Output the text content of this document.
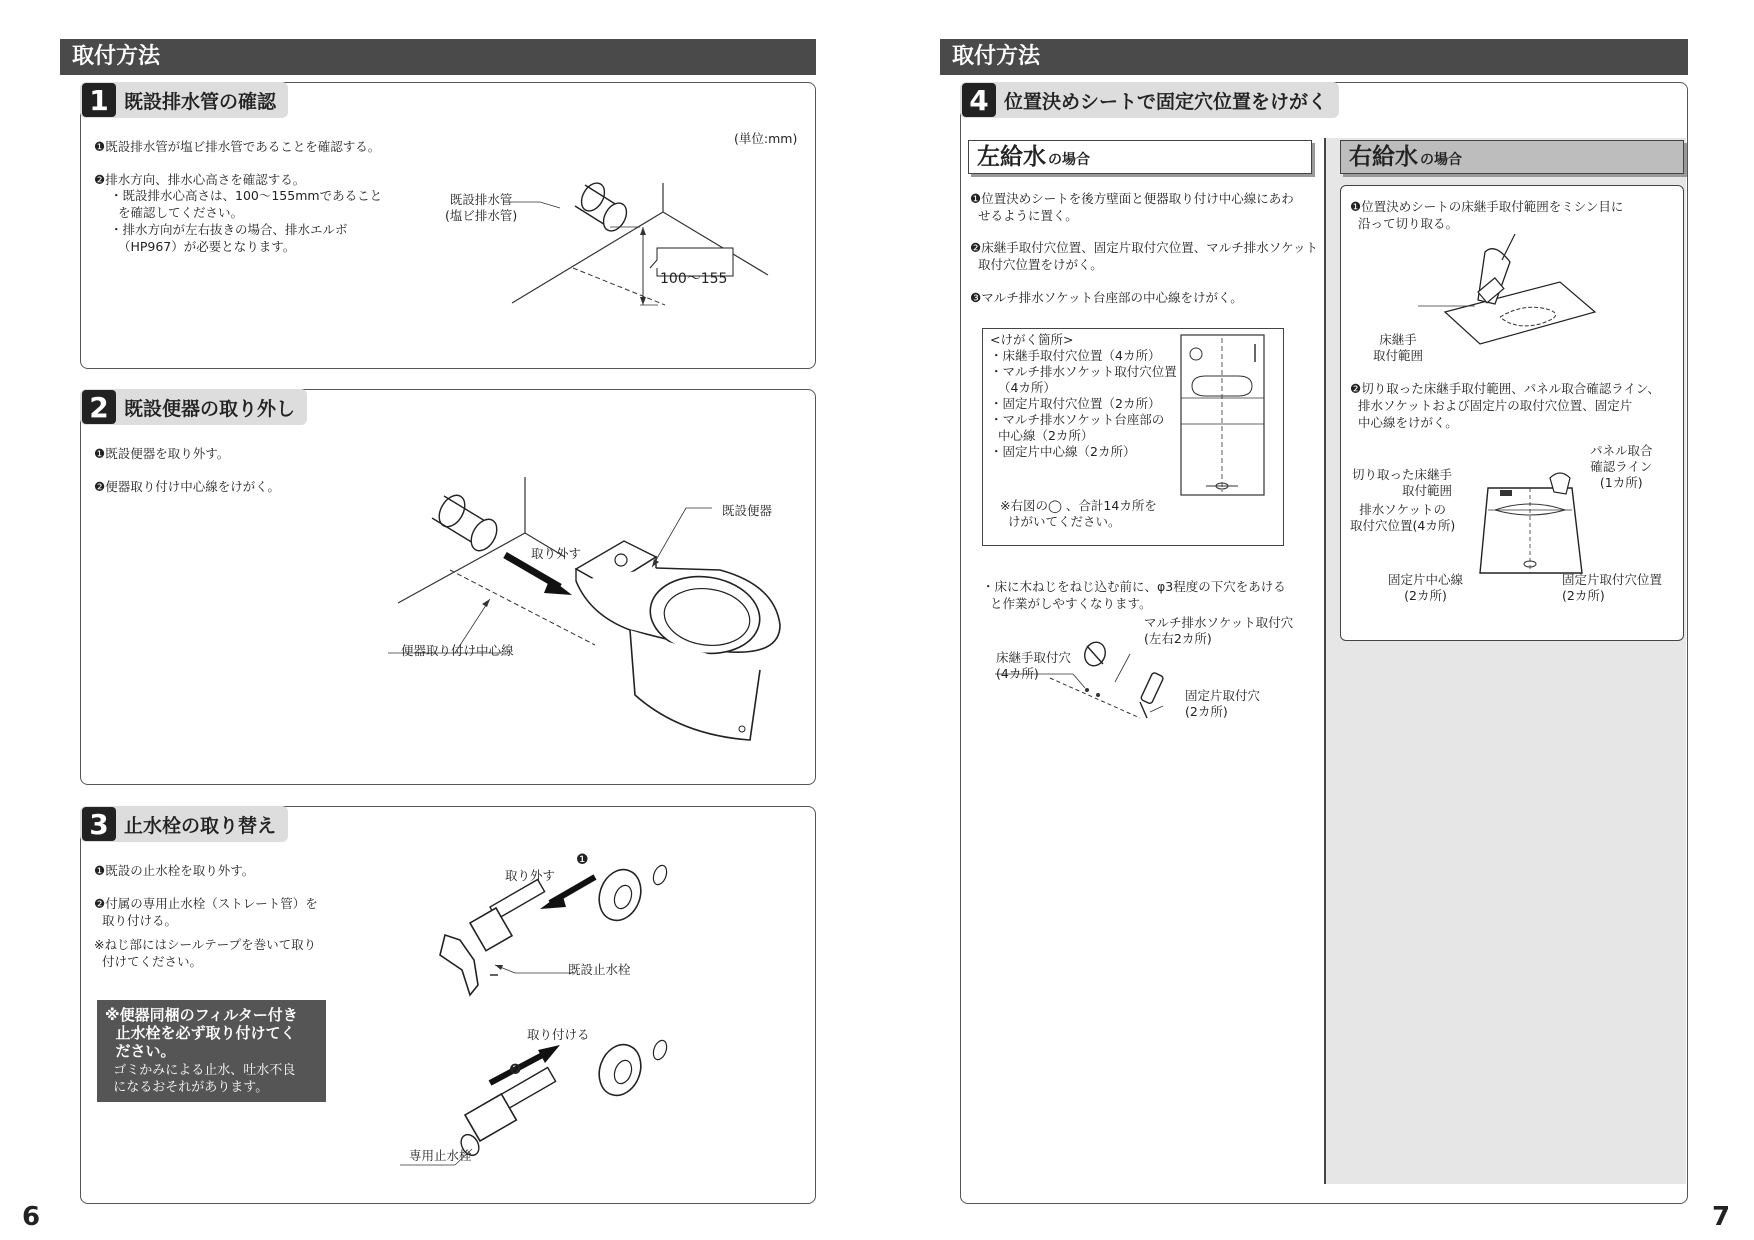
取付方法
1 既設排水管の確認
(単位:mm)
❶既設排水管が塩ビ排水管であることを確認する。
❷排水方向、排水心高さを確認する。
・既設排水心高さは、100～155mmであること
を確認してください。
・排水方向が左右抜きの場合、排水エルボ
（HP967）が必要となります。
既設排水管
(塩ビ排水管)
100～155
2 既設便器の取り外し
❶既設便器を取り外す。
❷便器取り付け中心線をけがく。
取り外す
既設便器
便器取り付け中心線
3 止水栓の取り替え
❶既設の止水栓を取り外す。
❷付属の専用止水栓（ストレート管）を
取り付ける。
※ねじ部にはシールテープを巻いて取り
付けてください。
※便器同梱のフィルター付き
止水栓を必ず取り付けてく
ださい。
ゴミかみによる止水、吐水不良
になるおそれがあります。
取り外す
❶
既設止水栓
取り付ける
❷
専用止水栓
6
取付方法
4 位置決めシートで固定穴位置をけがく
左給水 の場合
❶位置決めシートを後方壁面と便器取り付け中心線にあわ
せるように置く。
❷床継手取付穴位置、固定片取付穴位置、マルチ排水ソケット
取付穴位置をけがく。
❸マルチ排水ソケット台座部の中心線をけがく。
<けがく箇所>
・床継手取付穴位置（4カ所）
・マルチ排水ソケット取付穴位置
（4カ所）
・固定片取付穴位置（2カ所）
・マルチ排水ソケット台座部の
中心線（2カ所）
・固定片中心線（2カ所）
※右図の◯ 、合計14カ所を
けがいてください。
・床に木ねじをねじ込む前に、φ3程度の下穴をあける
と作業がしやすくなります。
マルチ排水ソケット取付穴
(左右2カ所)
床継手取付穴
(4カ所)
固定片取付穴
(2カ所)
右給水 の場合
❶位置決めシートの床継手取付範囲をミシン目に
沿って切り取る。
床継手
取付範囲
❷切り取った床継手取付範囲、パネル取合確認ライン、
排水ソケットおよび固定片の取付穴位置、固定片
中心線をけがく。
切り取った床継手
取付範囲
パネル取合
確認ライン
(1カ所)
排水ソケットの
取付穴位置(4カ所)
固定片中心線
(2カ所)
固定片取付穴位置
(2カ所)
7
